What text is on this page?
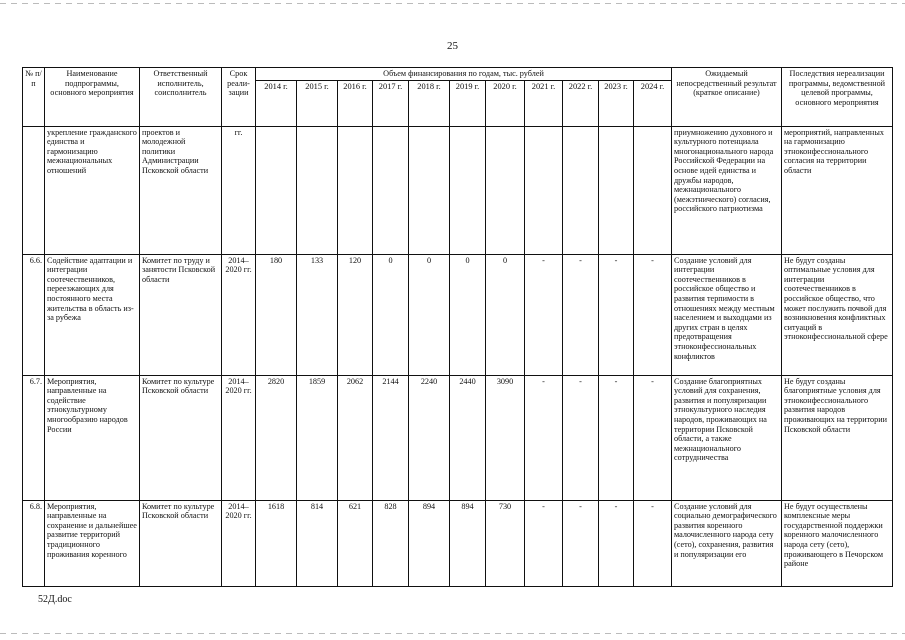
25
№ п/п	Наименование подпрограммы, основного мероприятия	Ответственный исполнитель, соисполнитель	Срок реали-зации	Объем финансирования по годам, тыс. рублей											Ожидаемый непосредственный результат (краткое описание)	Последствия нереализации программы, ведомственной целевой программы, основного мероприятия
				2014 г.	2015 г.	2016 г.	2017 г.	2018 г.	2019 г.	2020 г.	2021 г.	2022 г.	2023 г.	2024 г.		
	укрепление гражданского единства и гармонизацию межнациональных отношений	проектов и молодежной политики Администрации Псковской области	гг.												приумножению духовного и культурного потенциала многонационального народа Российской Федерации на основе идей единства и дружбы народов, межнационального (межэтнического) согласия, российского патриотизма	мероприятий, направленных на гармонизацию этноконфессионального согласия на территории области
6.6.	Содействие адаптации и интеграции соотечественников, переезжающих для постоянного места жительства в область из-за рубежа	Комитет по труду и занятости Псковской области	2014–2020 гг.	180	133	120	0	0	0	0	-	-	-	-	Создание условий для интеграции соотечественников в российское общество и развития терпимости в отношениях между местным населением и выходцами из других стран в целях предотвращения этноконфессиональных конфликтов	Не будут созданы оптимальные условия для интеграции соотечественников в российское общество, что может послужить почвой для возникновения конфликтных ситуаций в этноконфессиональной сфере
6.7.	Мероприятия, направленные на содействие этнокультурному многообразию народов России	Комитет по культуре Псковской области	2014–2020 гг.	2820	1859	2062	2144	2240	2440	3090	-	-	-	-	Создание благоприятных условий для сохранения, развития и популяризации этнокультурного наследия народов, проживающих на территории Псковской области, а также межнационального сотрудничества	Не будут созданы благоприятные условия для этноконфессионального развития народов проживающих на территории Псковской области
6.8.	Мероприятия, направленные на сохранение и дальнейшее развитие территорий традиционного проживания коренного	Комитет по культуре Псковской области	2014–2020 гг.	1618	814	621	828	894	894	730	-	-	-	-	Создание условий для социально демографического развития коренного малочисленного народа сету (сето), сохранения, развития и популяризации его	Не будут осуществлены комплексные меры государственной поддержки коренного малочисленного народа сету (сето), проживающего в Печорском районе
52Д.doc
